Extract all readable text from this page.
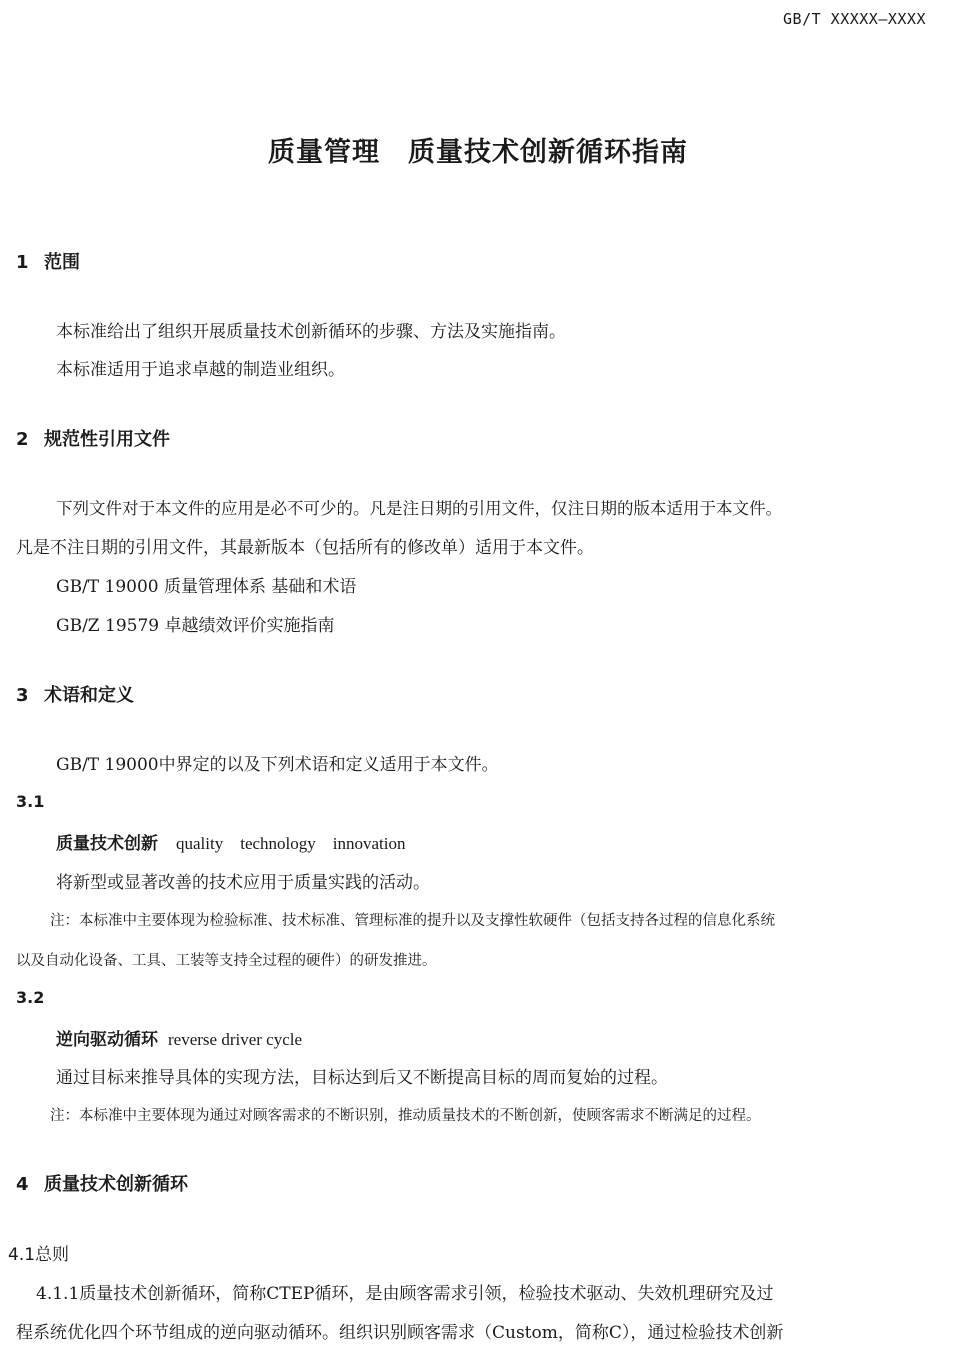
GB/T XXXXX—XXXX
质量管理　质量技术创新循环指南
1 范围
本标准给出了组织开展质量技术创新循环的步骤、方法及实施指南。
本标准适用于追求卓越的制造业组织。
2 规范性引用文件
下列文件对于本文件的应用是必不可少的。凡是注日期的引用文件，仅注日期的版本适用于本文件。
凡是不注日期的引用文件，其最新版本（包括所有的修改单）适用于本文件。
GB/T 19000 质量管理体系 基础和术语
GB/Z 19579 卓越绩效评价实施指南
3 术语和定义
GB/T 19000中界定的以及下列术语和定义适用于本文件。
3.1
质量技术创新 quality　technology　innovation
将新型或显著改善的技术应用于质量实践的活动。
注：本标准中主要体现为检验标准、技术标准、管理标准的提升以及支撑性软硬件（包括支持各过程的信息化系统
以及自动化设备、工具、工装等支持全过程的硬件）的研发推进。
3.2
逆向驱动循环 reverse driver cycle
通过目标来推导具体的实现方法，目标达到后又不断提高目标的周而复始的过程。
注：本标准中主要体现为通过对顾客需求的不断识别，推动质量技术的不断创新，使顾客需求不断满足的过程。
4 质量技术创新循环
4.1总则
4.1.1质量技术创新循环，简称CTEP循环，是由顾客需求引领，检验技术驱动、失效机理研究及过
程系统优化四个环节组成的逆向驱动循环。组织识别顾客需求（Custom，简称C），通过检验技术创新
